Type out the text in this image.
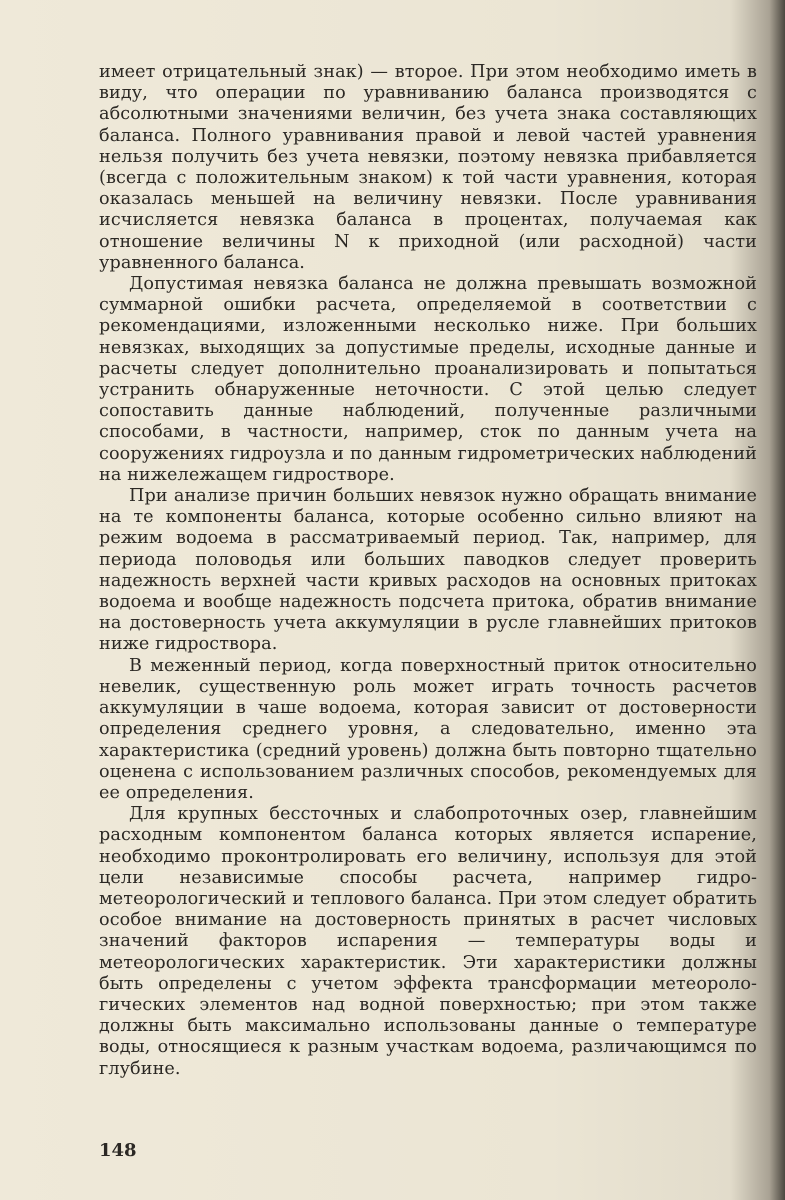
имеет отрицательный знак) — второе. При этом необходимо иметь в виду, что операции по уравниванию баланса производятся с абсолютными значениями величин, без учета знака составляющих баланса. Полного уравнивания правой и левой частей уравнения нельзя получить без учета невязки, поэтому невязка прибавляется (всегда с положительным знаком) к той части уравнения, которая оказалась меньшей на величину невязки. После уравнивания исчисляется невязка баланса в процентах, получаемая как отношение величины N к приходной (или расходной) части уравненного баланса.

Допустимая невязка баланса не должна превышать возможной суммарной ошибки расчета, определяемой в соответствии с рекомендациями, изложенными несколько ниже. При больших невязках, выходящих за допустимые пределы, исходные данные и расчеты следует дополнительно проанализировать и попытаться устранить обнаруженные неточности. С этой целью следует сопоставить данные наблюдений, полученные различными способами, в частности, например, сток по данным учета на сооружениях гидроузла и по данным гидрометрических наблюдений на нижележащем гидростворе.

При анализе причин больших невязок нужно обращать внимание на те компоненты баланса, которые особенно сильно влияют на режим водоема в рассматриваемый период. Так, например, для периода половодья или больших паводков следует проверить надежность верхней части кривых расходов на основных притоках водоема и вообще надежность подсчета притока, обратив внимание на достоверность учета аккумуляции в русле главнейших притоков ниже гидроствора.

В меженный период, когда поверхностный приток относительно невелик, существенную роль может играть точность расчетов аккумуляции в чаше водоема, которая зависит от достоверности определения среднего уровня, а следовательно, именно эта характеристика (средний уровень) должна быть повторно тщательно оценена с использованием различных способов, рекомендуемых для ее определения.

Для крупных бессточных и слабопроточных озер, главнейшим расходным компонентом баланса которых является испарение, необходимо проконтролировать его величину, используя для этой цели независимые способы расчета, например гидрометеорологический и теплового баланса. При этом следует обратить особое внимание на достоверность принятых в расчет числовых значений факторов испарения — температуры воды и метеорологических характеристик. Эти характеристики должны быть определены с учетом эффекта трансформации метеорологических элементов над водной поверхностью; при этом также должны быть максимально использованы данные о температуре воды, относящиеся к разным участкам водоема, различающимся по глубине.

148
